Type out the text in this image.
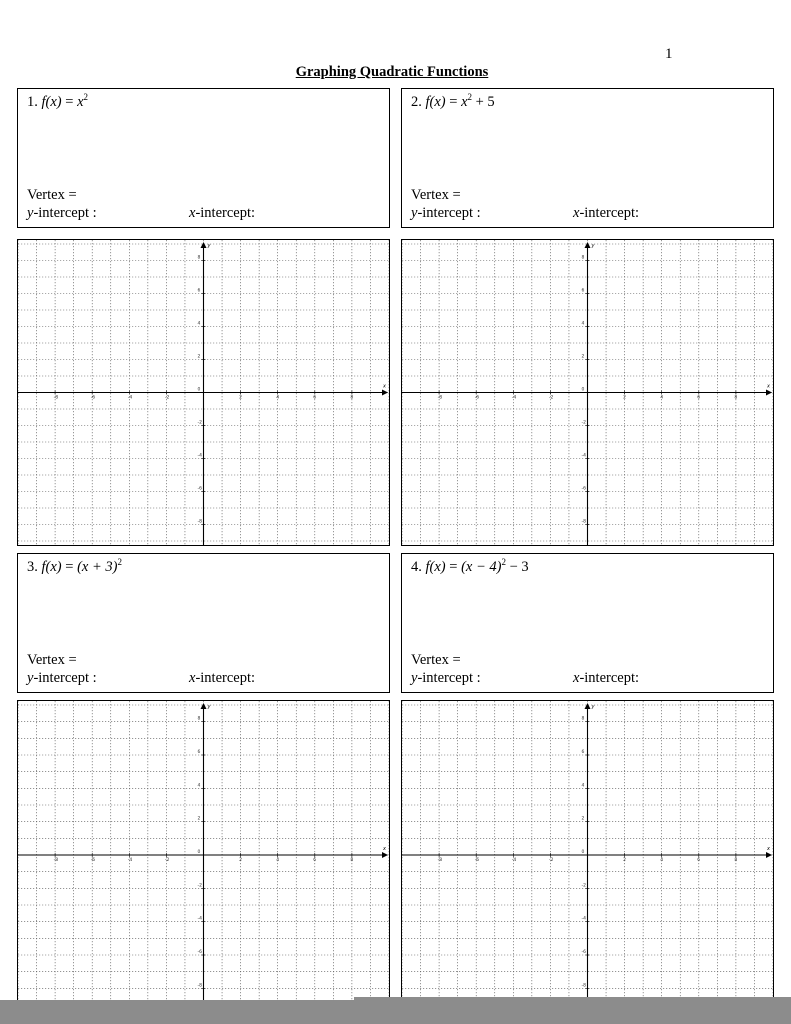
1
Graphing Quadratic Functions
1. $f(x) = x^2$
Vertex =
y-intercept :	x-intercept:
2. $f(x) = x^2 + 5$
Vertex =
y-intercept :	x-intercept:
3. $f(x) = (x + 3)^2$
Vertex =
y-intercept :	x-intercept:
4. $f(x) = (x - 4)^2 - 3$
Vertex =
y-intercept :	x-intercept:
x
y
-8	-6	-4	-2	2	4	6	8
8
6
4
2
0
-2
-4
-6
-8
x
y
-8	-6	-4	-2	2	4	6	8
8
6
4
2
0
-2
-4
-6
-8
x
y
-8	-6	-4	-2	2	4	6	8
8
6
4
2
0
-2
-4
-6
-8
x
y
-8	-6	-4	-2	2	4	6	8
8
6
4
2
0
-2
-4
-6
-8
